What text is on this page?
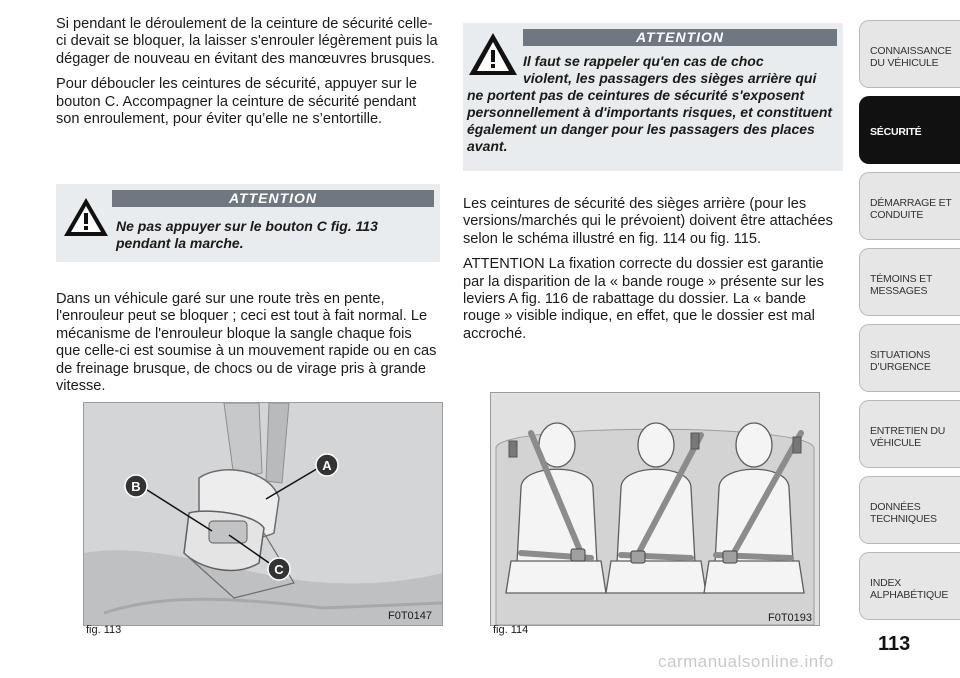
Si pendant le déroulement de la ceinture de sécurité celle-ci devait se bloquer, la laisser s'enrouler légèrement puis la dégager de nouveau en évitant des manœuvres brusques.

Pour déboucler les ceintures de sécurité, appuyer sur le bouton C. Accompagner la ceinture de sécurité pendant son enroulement, pour éviter qu’elle ne s’entortille.

ATTENTION
Ne pas appuyer sur le bouton C fig. 113 pendant la marche.

Dans un véhicule garé sur une route très en pente, l'enrouleur peut se bloquer ; ceci est tout à fait normal. Le mécanisme de l'enrouleur bloque la sangle chaque fois que celle-ci est soumise à un mouvement rapide ou en cas de freinage brusque, de chocs ou de virage pris à grande vitesse.

ATTENTION
Il faut se rappeler qu'en cas de choc
violent, les passagers des sièges arrière qui
ne portent pas de ceintures de sécurité s'exposent personnellement à d'importants risques, et constituent également un danger pour les passagers des places avant.

Les ceintures de sécurité des sièges arrière (pour les versions/marchés qui le prévoient) doivent être attachées selon le schéma illustré en fig. 114 ou fig. 115.

ATTENTION La fixation correcte du dossier est garantie par la disparition de la « bande rouge » présente sur les leviers A fig. 116 de rabattage du dossier. La « bande rouge » visible indique, en effet, que le dossier est mal accroché.

B
A
C
fig. 113
F0T0147
fig. 114
F0T0193
CONNAISSANCE
DU VÉHICULE
SÉCURITÉ
DÉMARRAGE ET
CONDUITE
TÉMOINS ET
MESSAGES
SITUATIONS
D’URGENCE
ENTRETIEN DU
VÉHICULE
DONNÉES
TECHNIQUES
INDEX
ALPHABÉTIQUE
113
carmanualsonline.info
